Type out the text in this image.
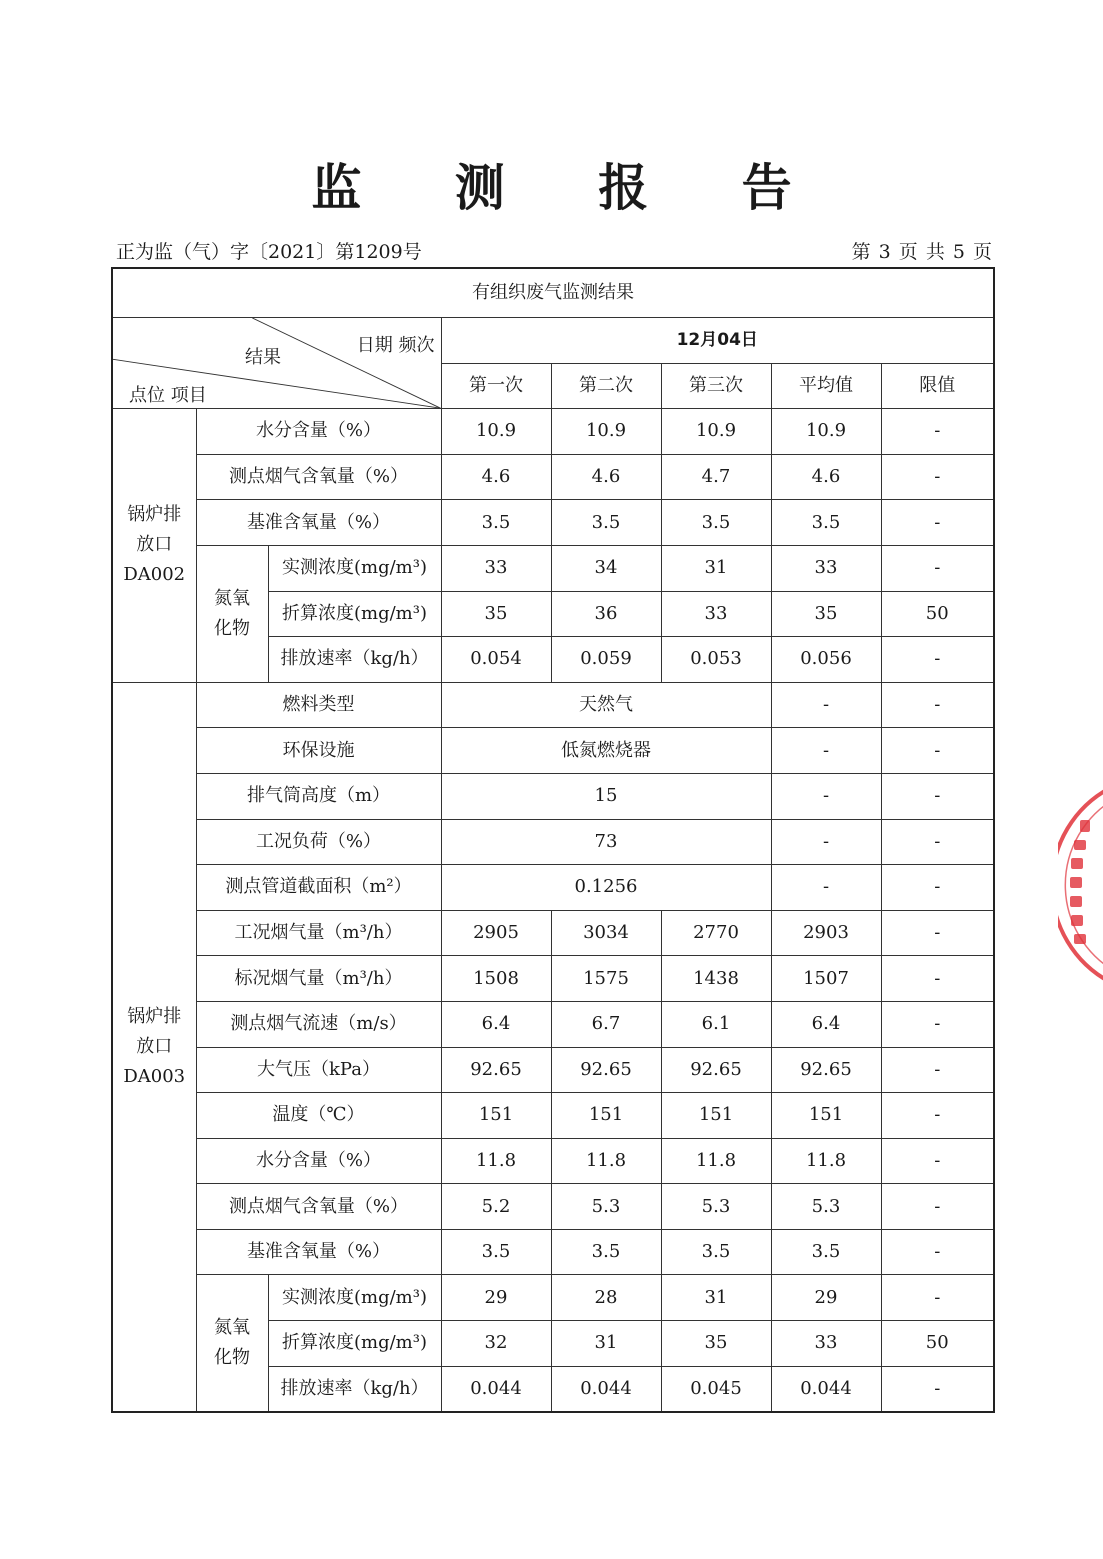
监 测 报 告
正为监（气）字〔2021〕第1209号	第 3 页 共 5 页
有组织废气监测结果							

日期 频次
结果
点位 项目			12月04日				
			第一次	第二次	第三次	平均值	限值
锅炉排
放口
DA002	水分含量（%）		10.9	10.9	10.9	10.9	-
	测点烟气含氧量（%）		4.6	4.6	4.7	4.6	-
	基准含氧量（%）		3.5	3.5	3.5	3.5	-
	氮氧
化物	实测浓度(mg/m³)	33	34	31	33	-
		折算浓度(mg/m³)	35	36	33	35	50
		排放速率（kg/h）	0.054	0.059	0.053	0.056	-
锅炉排
放口
DA003	燃料类型		天然气			-	-
	环保设施		低氮燃烧器			-	-
	排气筒高度（m）		15			-	-
	工况负荷（%）		73			-	-
	测点管道截面积（m²）		0.1256			-	-
	工况烟气量（m³/h）		2905	3034	2770	2903	-
	标况烟气量（m³/h）		1508	1575	1438	1507	-
	测点烟气流速（m/s）		6.4	6.7	6.1	6.4	-
	大气压（kPa）		92.65	92.65	92.65	92.65	-
	温度（℃）		151	151	151	151	-
	水分含量（%）		11.8	11.8	11.8	11.8	-
	测点烟气含氧量（%）		5.2	5.3	5.3	5.3	-
	基准含氧量（%）		3.5	3.5	3.5	3.5	-
	氮氧
化物	实测浓度(mg/m³)	29	28	31	29	-
		折算浓度(mg/m³)	32	31	35	33	50
		排放速率（kg/h）	0.044	0.044	0.045	0.044	-
